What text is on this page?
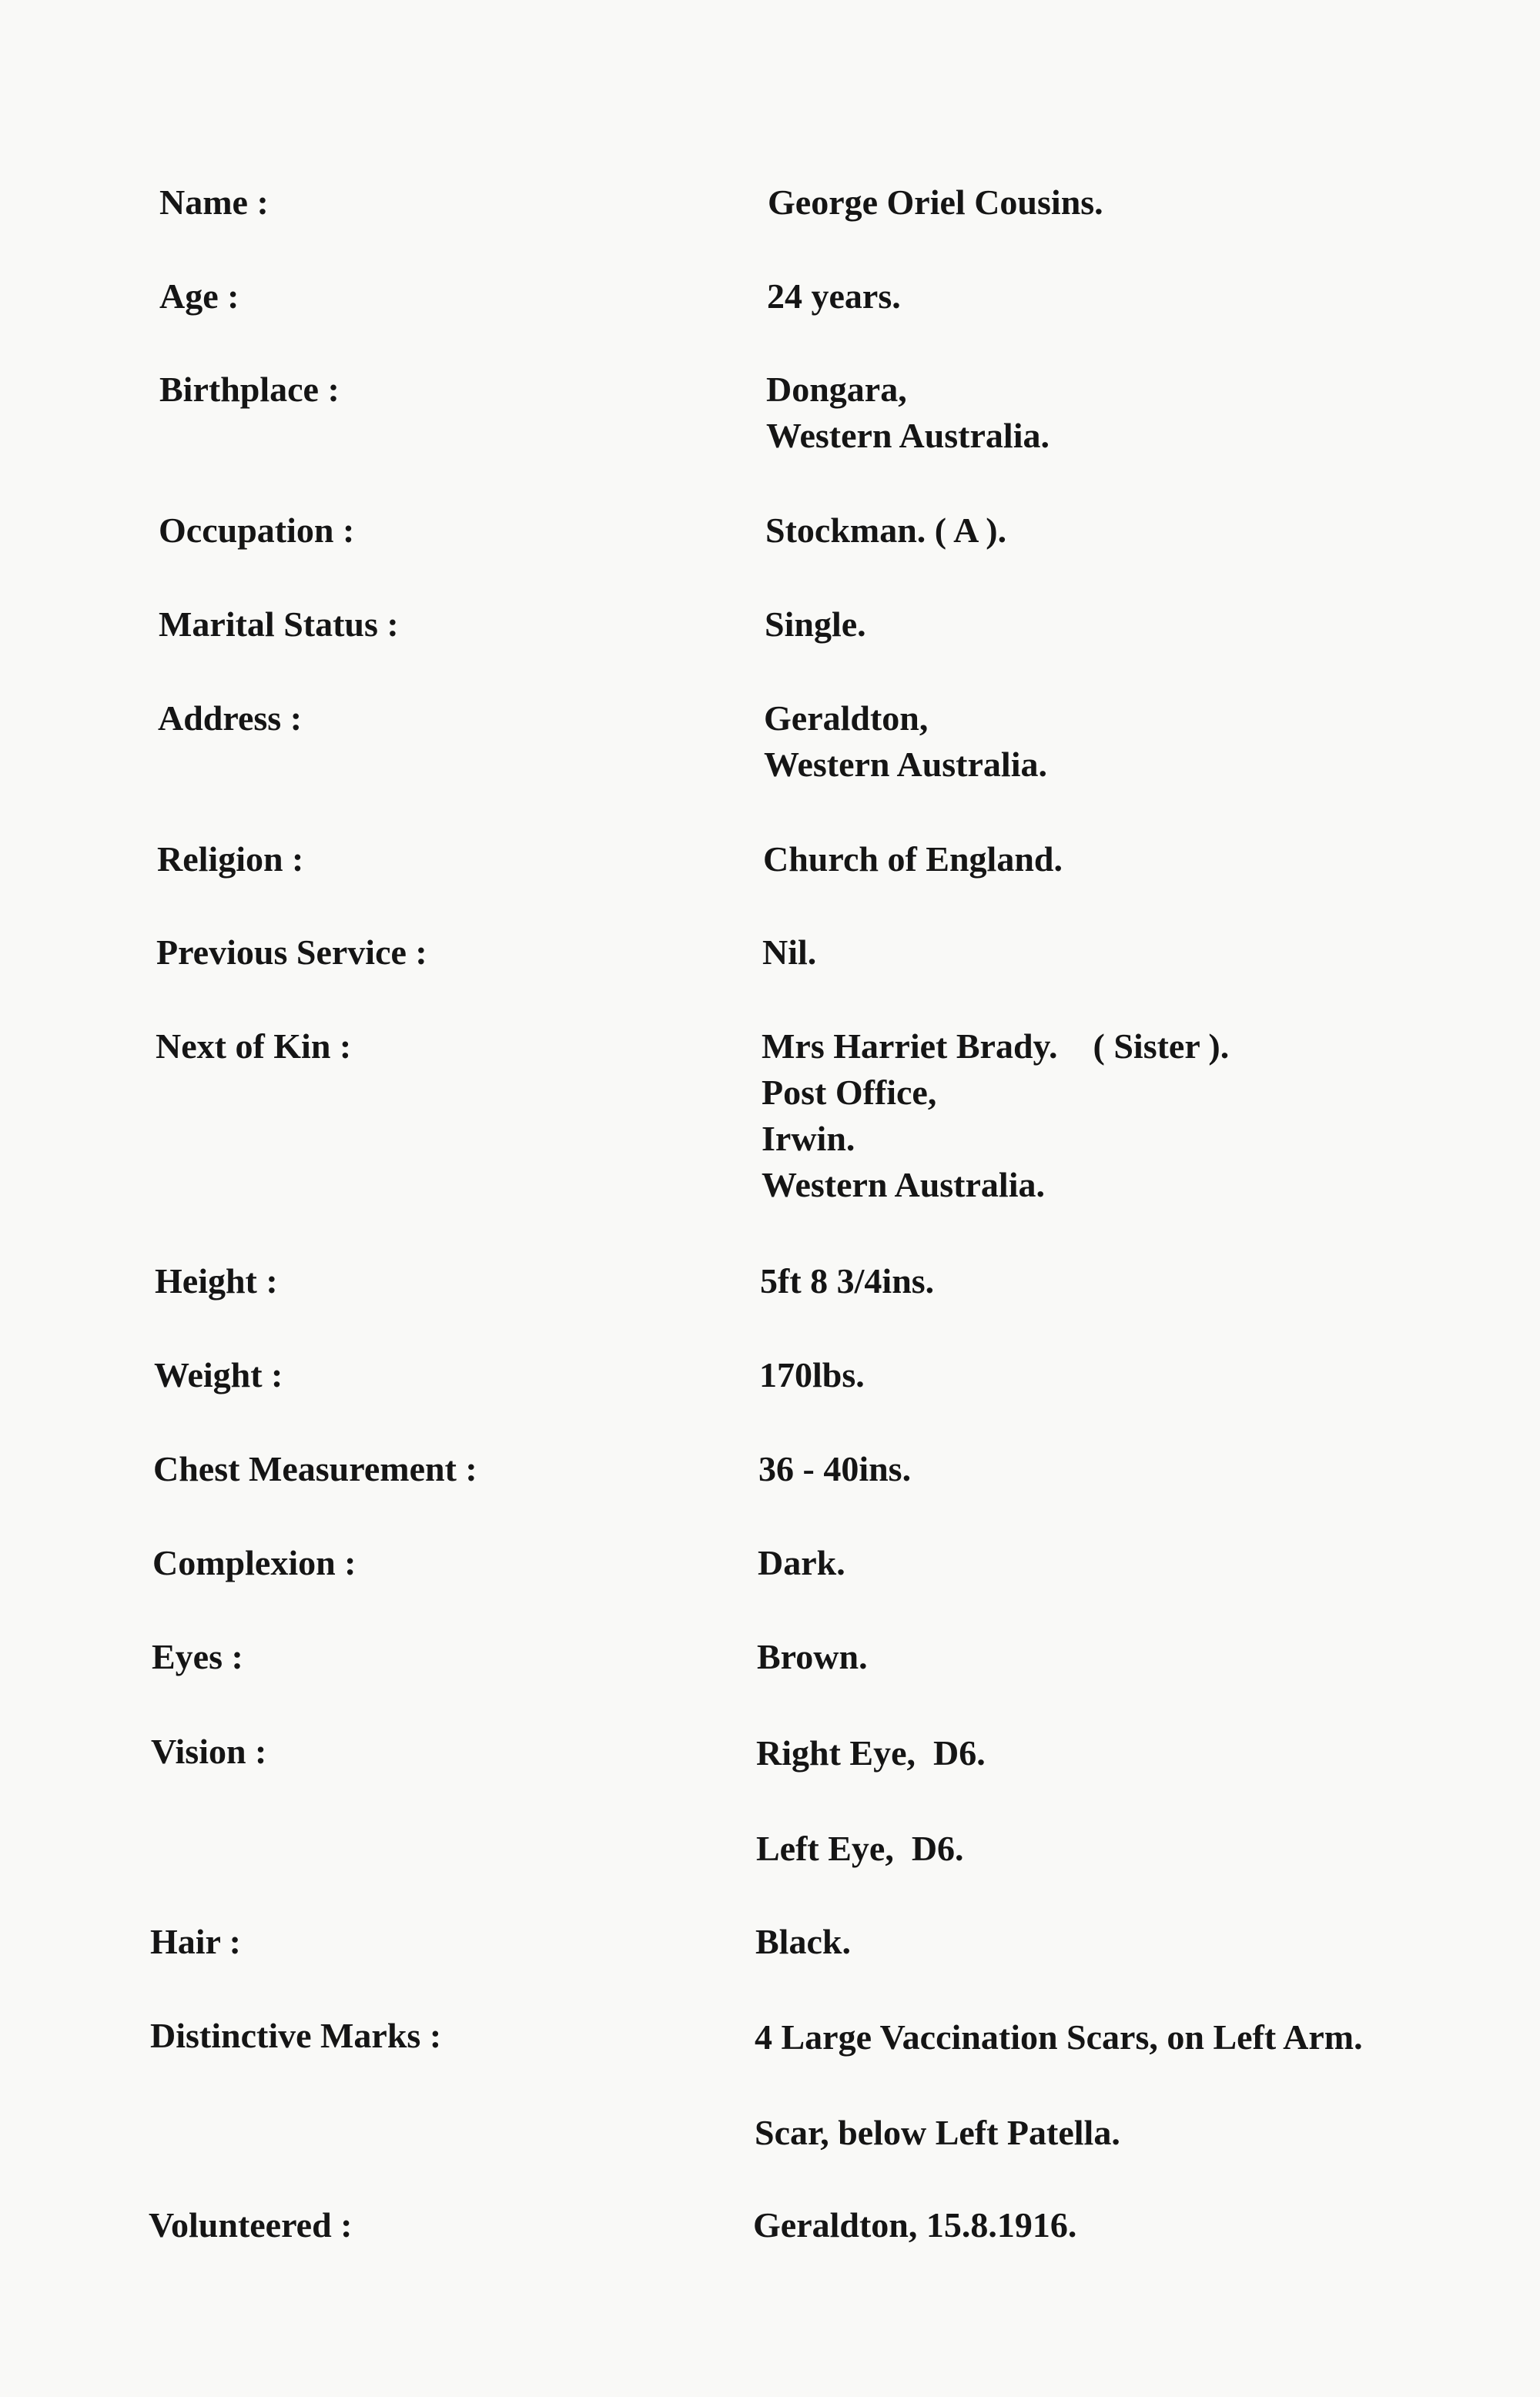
Name :	George Oriel Cousins.
Age :	24 years.
Birthplace :	Dongara,
Western Australia.
Occupation :	Stockman. ( A ).
Marital Status :	Single.
Address :	Geraldton,
Western Australia.
Religion :	Church of England.
Previous Service :	Nil.
Next of Kin :	Mrs Harriet Brady.    ( Sister ).
Post Office,
Irwin.
Western Australia.
Height :	5ft 8 3/4ins.
Weight :	170lbs.
Chest Measurement :	36 - 40ins.
Complexion :	Dark.
Eyes :	Brown.
Vision :	Right Eye,  D6.
Left Eye,  D6.
Hair :	Black.
Distinctive Marks :	4 Large Vaccination Scars, on Left Arm.
Scar, below Left Patella.
Volunteered :	Geraldton, 15.8.1916.
